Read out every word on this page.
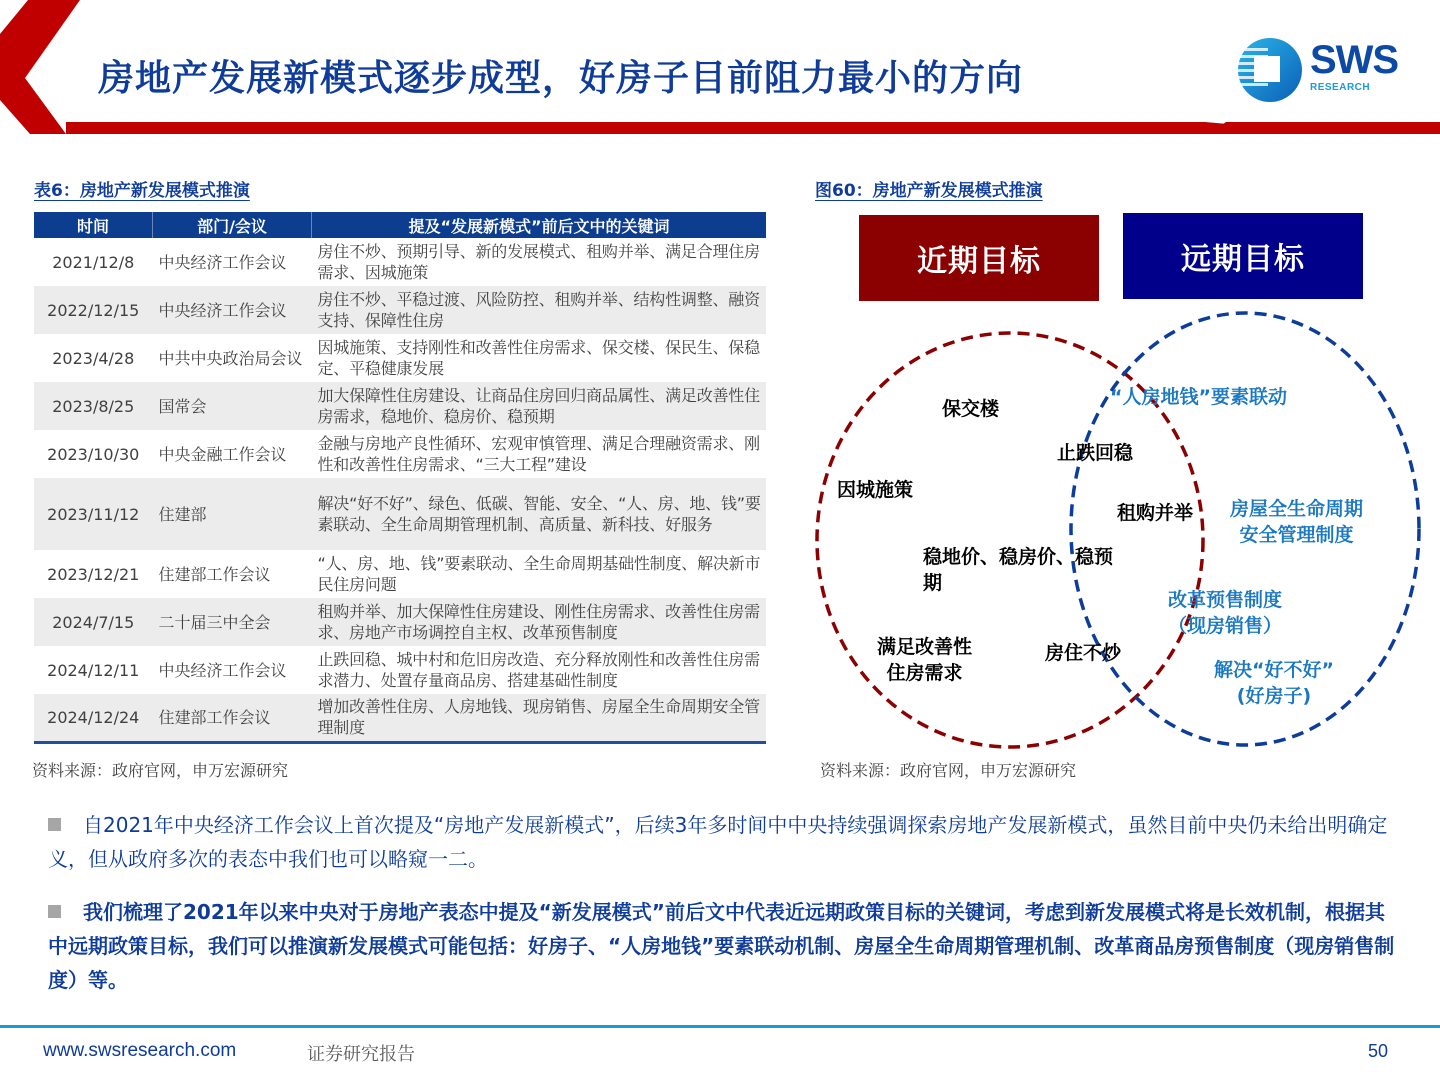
房地产发展新模式逐步成型，好房子目前阻力最小的方向	SWS
RESEARCH
表6：房地产新发展模式推演
时间	部门/会议	提及“发展新模式”前后文中的关键词
2021/12/8	中央经济工作会议	房住不炒、预期引导、新的发展模式、租购并举、满足合理住房需求、因城施策
2022/12/15	中央经济工作会议	房住不炒、平稳过渡、风险防控、租购并举、结构性调整、融资支持、保障性住房
2023/4/28	中共中央政治局会议	因城施策、支持刚性和改善性住房需求、保交楼、保民生、保稳定、平稳健康发展
2023/8/25	国常会	加大保障性住房建设、让商品住房回归商品属性、满足改善性住房需求，稳地价、稳房价、稳预期
2023/10/30	中央金融工作会议	金融与房地产良性循环、宏观审慎管理、满足合理融资需求、刚性和改善性住房需求、“三大工程”建设
2023/11/12	住建部	解决“好不好”、绿色、低碳、智能、安全、“人、房、地、钱”要素联动、全生命周期管理机制、高质量、新科技、好服务
2023/12/21	住建部工作会议	“人、房、地、钱”要素联动、全生命周期基础性制度、解决新市民住房问题
2024/7/15	二十届三中全会	租购并举、加大保障性住房建设、刚性住房需求、改善性住房需求、房地产市场调控自主权、改革预售制度
2024/12/11	中央经济工作会议	止跌回稳、城中村和危旧房改造、充分释放刚性和改善性住房需求潜力、处置存量商品房、搭建基础性制度
2024/12/24	住建部工作会议	增加改善性住房、人房地钱、现房销售、房屋全生命周期安全管理制度
资料来源：政府官网，申万宏源研究
图60：房地产新发展模式推演
近期目标	远期目标
保交楼
因城施策
稳地价、稳房价、稳预
期
满足改善性
住房需求
止跌回稳
租购并举
房住不炒
“人房地钱”要素联动
房屋全生命周期
安全管理制度
改革预售制度
（现房销售）
解决“好不好”
(好房子)
资料来源：政府官网，申万宏源研究
自2021年中央经济工作会议上首次提及“房地产发展新模式”，后续3年多时间中中央持续强调探索房地产发展新模式，虽然目前中央仍未给出明确定义，但从政府多次的表态中我们也可以略窥一二。
我们梳理了2021年以来中央对于房地产表态中提及“新发展模式”前后文中代表近远期政策目标的关键词，考虑到新发展模式将是长效机制，根据其中远期政策目标，我们可以推演新发展模式可能包括：好房子、“人房地钱”要素联动机制、房屋全生命周期管理机制、改革商品房预售制度（现房销售制度）等。
www.swsresearch.com	证券研究报告	50
